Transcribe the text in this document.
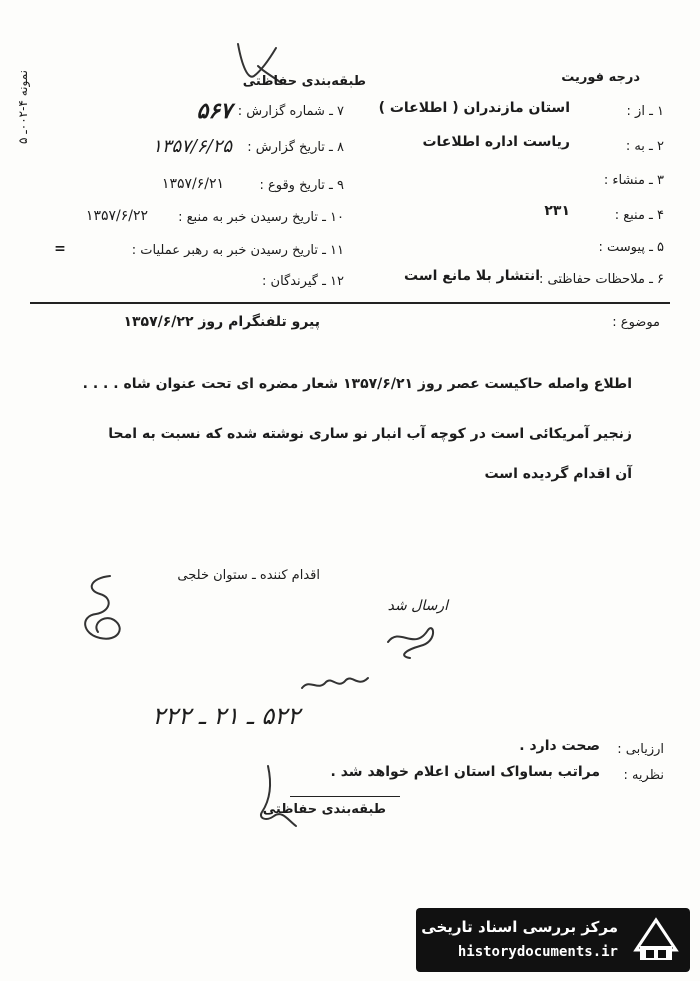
طبقه‌بندی حفاظتی	درجه فوریت
نمونه ۴-۰۰۲ـ ۵
۱ ـ از :
استان مازندران ( اطلاعات )
۲ ـ به :
ریاست اداره اطلاعات
۳ ـ منشاء :
۴ ـ منبع :
۲۳۱
۵ ـ پیوست :
۶ ـ ملاحظات حفاظتی :
انتشار بلا مانع است
۷ ـ شماره گزارش :
۵۶۷
۸ ـ تاریخ گزارش :
۱۳۵۷/۶/۲۵
۹ ـ تاریخ وقوع :
۱۳۵۷/۶/۲۱
۱۰ ـ تاریخ رسیدن خبر به منبع :
۱۳۵۷/۶/۲۲
۱۱ ـ تاریخ رسیدن خبر به رهبر عملیات :
=
۱۲ ـ گیرندگان :
موضوع :
پیرو تلفنگرام روز ۱۳۵۷/۶/۲۲
اطلاع واصله حاکیست عصر روز ۱۳۵۷/۶/۲۱ شعار مضره ای تحت عنوان شاه . . . .
زنجیر آمریکائی است در کوچه آب انبار نو ساری نوشته شده که نسبت به امحا
آن اقدام گردیده است
اقدام کننده ـ ستوان خلجی
ارسال شد
۵۲۲ ـ ۲۱ ـ ۲۲۲
ارزیابی :
صحت دارد .
نظریه :
مراتب بساواک استان اعلام خواهد شد .
طبقه‌بندی حفاظتی
مرکز بررسی اسناد تاریخی
historydocuments.ir
